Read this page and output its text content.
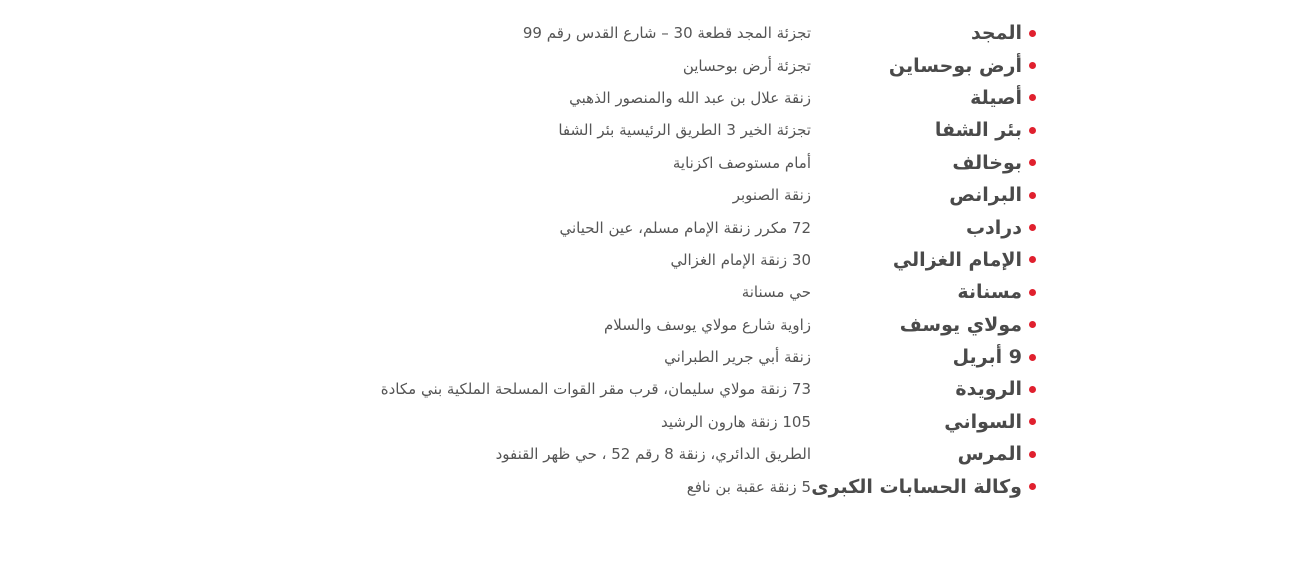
المجد
تجزئة المجد قطعة 30 – شارع القدس رقم 99
أرض بوحساين
تجزئة أرض بوحساين
أصيلة
زنقة علال بن عبد الله والمنصور الذهبي
بئر الشفا
تجزئة الخير 3 الطريق الرئيسية بئر الشفا
بوخالف
أمام مستوصف اكزناية
البرانص
زنقة الصنوبر
درادب
72 مكرر زنقة الإمام مسلم، عين الحياني
الإمام الغزالي
30 زنقة الإمام الغزالي
مسنانة
حي مسنانة
مولاي يوسف
زاوية شارع مولاي يوسف والسلام
9 أبريل
زنقة أبي جرير الطبراني
الرويدة
73 زنقة مولاي سليمان، قرب مقر القوات المسلحة الملكية بني مكادة
السواني
105 زنقة هارون الرشيد
المرس
الطريق الدائري، زنقة 8 رقم 52 ، حي ظهر القنفود
وكالة الحسابات الكبرى
5 زنقة عقبة بن نافع
